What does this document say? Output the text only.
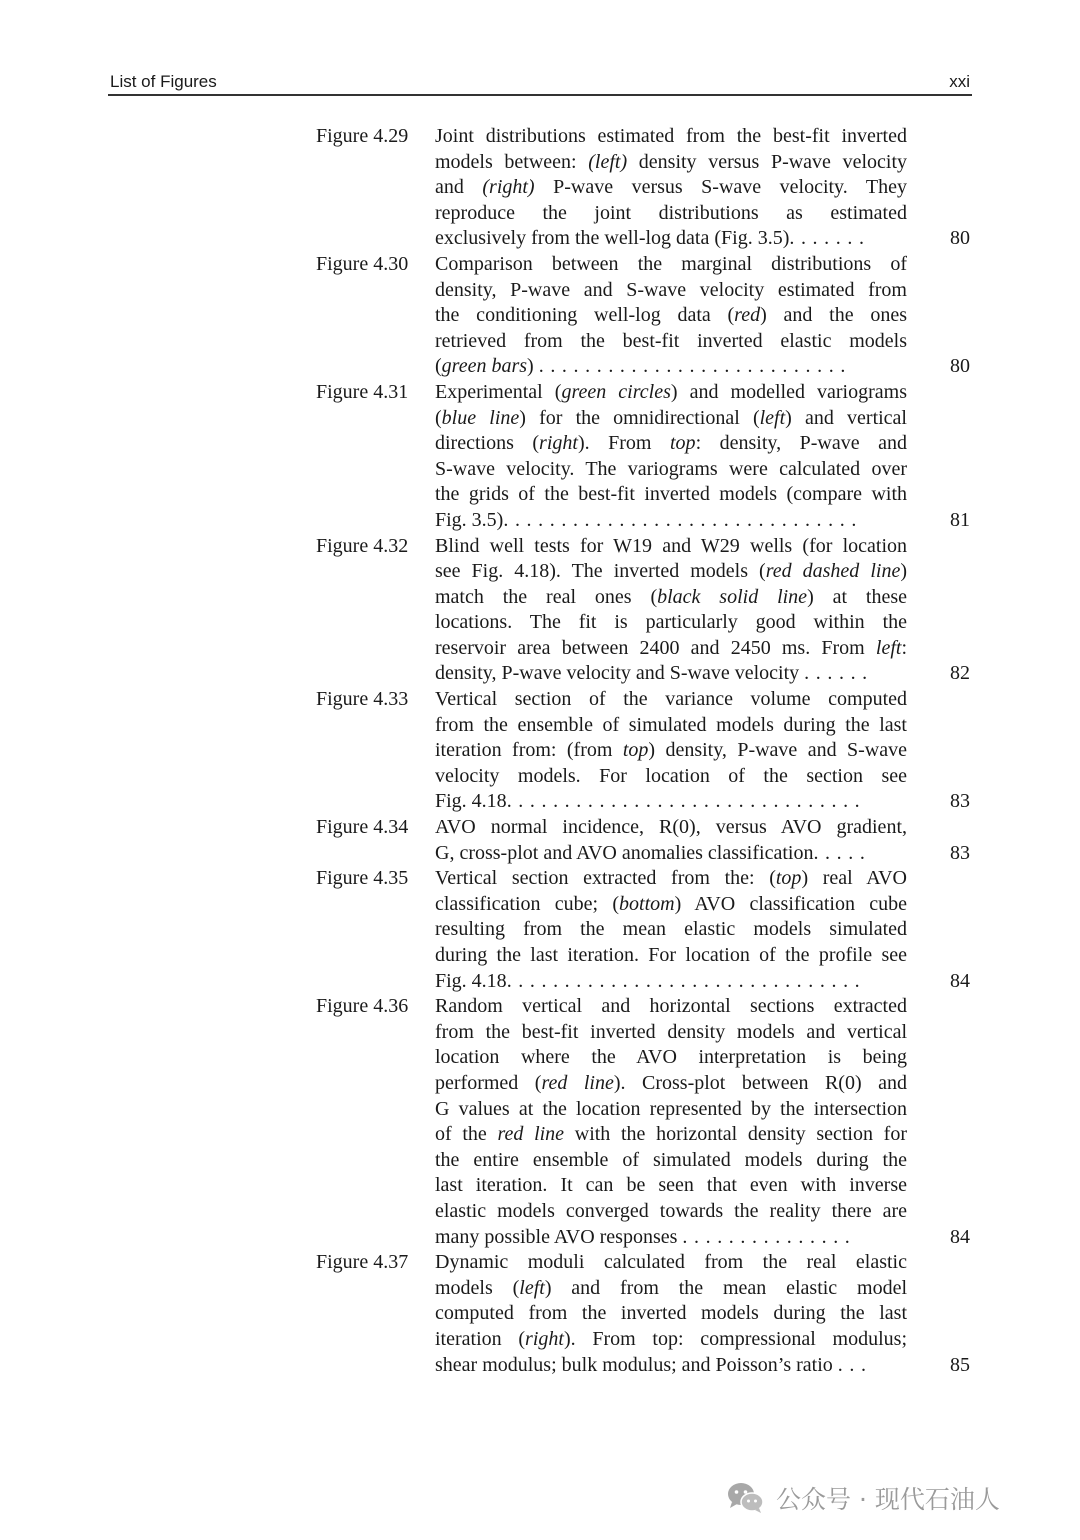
List of Figures	xxi
Figure 4.29 Joint distributions estimated from the best-fit inverted
models between: (left) density versus P-wave velocity
and (right) P-wave versus S-wave velocity. They
reproduce the joint distributions as estimated
exclusively from the well-log data (Fig. 3.5).......	80
Figure 4.30 Comparison between the marginal distributions of
density, P-wave and S-wave velocity estimated from
the conditioning well-log data (red) and the ones
retrieved from the best-fit inverted elastic models
(green bars) ...........................	80
Figure 4.31 Experimental (green circles) and modelled variograms
(blue line) for the omnidirectional (left) and vertical
directions (right). From top: density, P-wave and
S-wave velocity. The variograms were calculated over
the grids of the best-fit inverted models (compare with
Fig. 3.5)...............................	81
Figure 4.32 Blind well tests for W19 and W29 wells (for location
see Fig. 4.18). The inverted models (red dashed line)
match the real ones (black solid line) at these
locations. The fit is particularly good within the
reservoir area between 2400 and 2450 ms. From left:
density, P-wave velocity and S-wave velocity ......	82
Figure 4.33 Vertical section of the variance volume computed
from the ensemble of simulated models during the last
iteration from: (from top) density, P-wave and S-wave
velocity models. For location of the section see
Fig. 4.18...............................	83
Figure 4.34 AVO normal incidence, R(0), versus AVO gradient,
G, cross-plot and AVO anomalies classification.....	83
Figure 4.35 Vertical section extracted from the: (top) real AVO
classification cube; (bottom) AVO classification cube
resulting from the mean elastic models simulated
during the last iteration. For location of the profile see
Fig. 4.18...............................	84
Figure 4.36 Random vertical and horizontal sections extracted
from the best-fit inverted density models and vertical
location where the AVO interpretation is being
performed (red line). Cross-plot between R(0) and
G values at the location represented by the intersection
of the red line with the horizontal density section for
the entire ensemble of simulated models during the
last iteration. It can be seen that even with inverse
elastic models converged towards the reality there are
many possible AVO responses ...............	84
Figure 4.37 Dynamic moduli calculated from the real elastic
models (left) and from the mean elastic model
computed from the inverted models during the last
iteration (right). From top: compressional modulus;
shear modulus; bulk modulus; and Poisson’s ratio ...	85
公众号 · 现代石油人
